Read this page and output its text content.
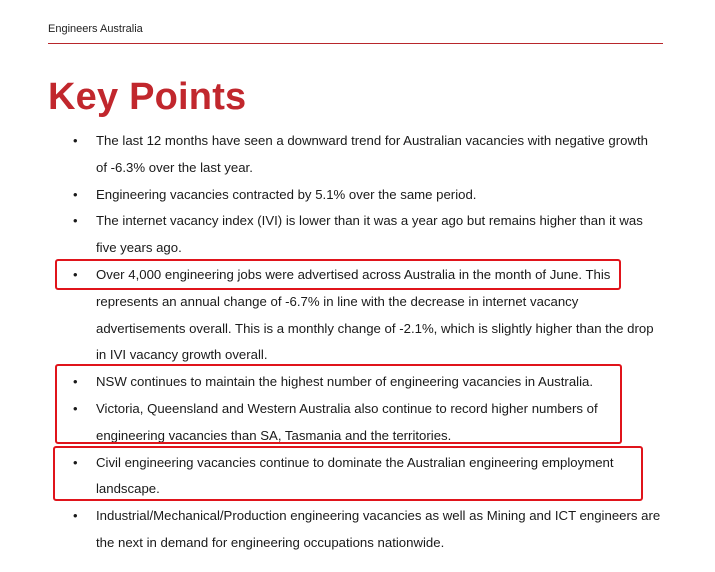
Engineers Australia
Key Points
• The last 12 months have seen a downward trend for Australian vacancies with negative growth of -6.3% over the last year.
• Engineering vacancies contracted by 5.1% over the same period.
• The internet vacancy index (IVI) is lower than it was a year ago but remains higher than it was five years ago.
• Over 4,000 engineering jobs were advertised across Australia in the month of June. This represents an annual change of -6.7% in line with the decrease in internet vacancy advertisements overall. This is a monthly change of -2.1%, which is slightly higher than the drop in IVI vacancy growth overall.
• NSW continues to maintain the highest number of engineering vacancies in Australia.
• Victoria, Queensland and Western Australia also continue to record higher numbers of engineering vacancies than SA, Tasmania and the territories.
• Civil engineering vacancies continue to dominate the Australian engineering employment landscape.
• Industrial/Mechanical/Production engineering vacancies as well as Mining and ICT engineers are the next in demand for engineering occupations nationwide.
